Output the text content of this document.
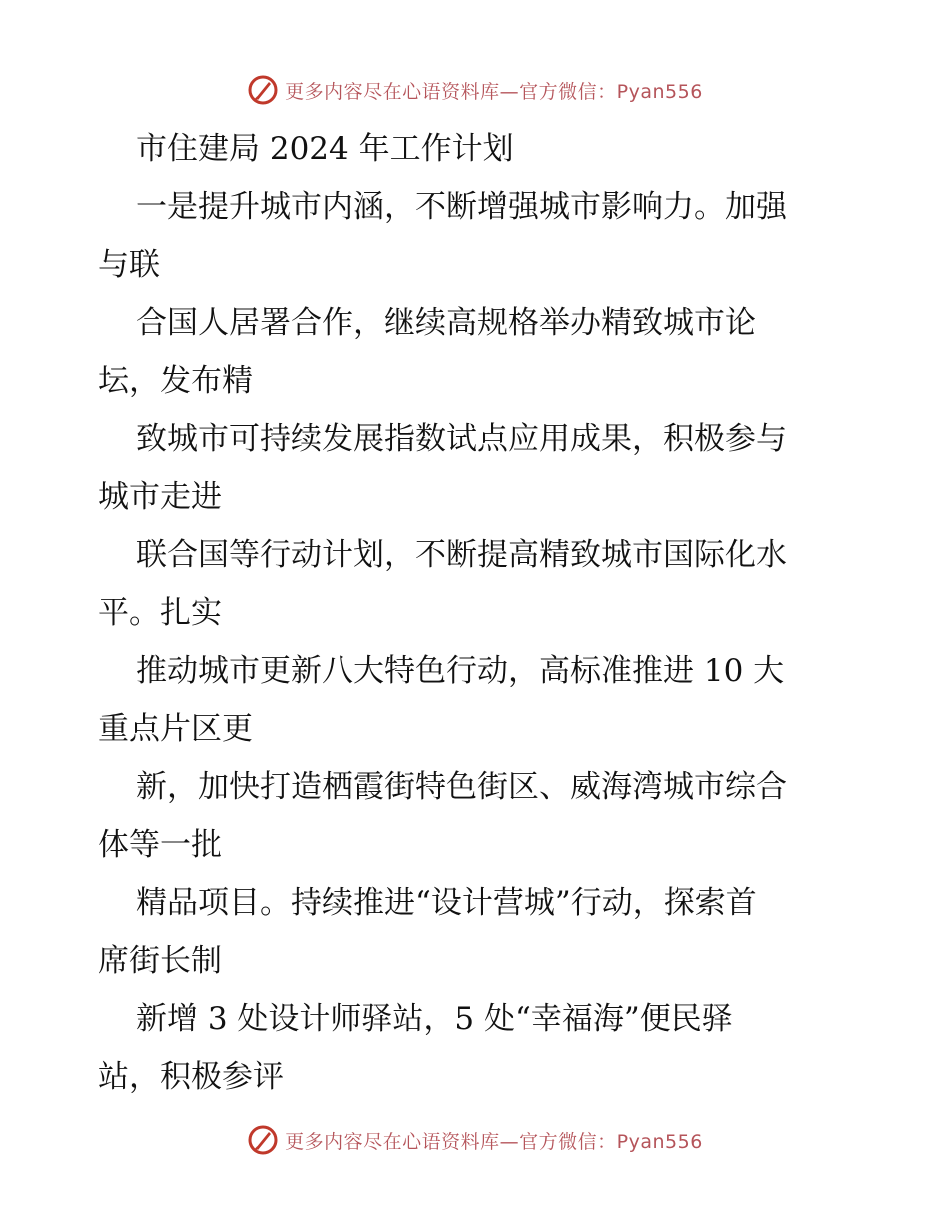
更多内容尽在心语资料库—官方微信：Pyan556
市住建局 2024 年工作计划
一是提升城市内涵，不断增强城市影响力。加强
与联
合国人居署合作，继续高规格举办精致城市论
坛，发布精
致城市可持续发展指数试点应用成果，积极参与
城市走进
联合国等行动计划，不断提高精致城市国际化水
平。扎实
推动城市更新八大特色行动，高标准推进 10 大
重点片区更
新，加快打造栖霞街特色街区、威海湾城市综合
体等一批
精品项目。持续推进“设计营城”行动，探索首
席街长制
新增 3 处设计师驿站，5 处“幸福海”便民驿
站，积极参评
更多内容尽在心语资料库—官方微信：Pyan556
